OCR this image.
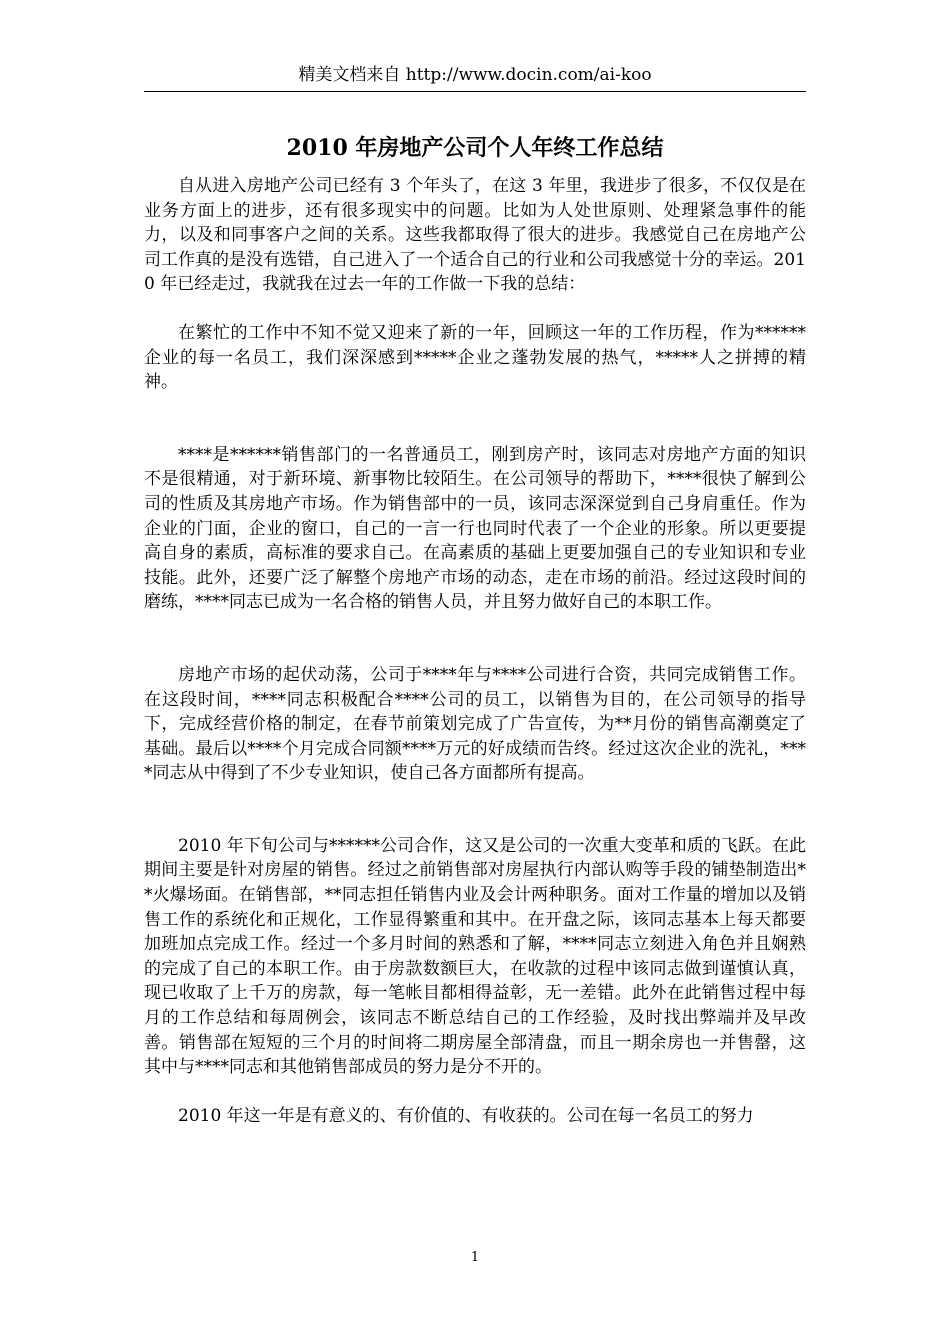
精美文档来自 http://www.docin.com/ai-koo
2010 年房地产公司个人年终工作总结

自从进入房地产公司已经有 3 个年头了，在这 3 年里，我进步了很多，不仅仅是在业务方面上的进步，还有很多现实中的问题。比如为人处世原则、处理紧急事件的能力，以及和同事客户之间的关系。这些我都取得了很大的进步。我感觉自己在房地产公司工作真的是没有选错，自己进入了一个适合自己的行业和公司我感觉十分的幸运。2010 年已经走过，我就我在过去一年的工作做一下我的总结：

在繁忙的工作中不知不觉又迎来了新的一年，回顾这一年的工作历程，作为******企业的每一名员工，我们深深感到*****企业之蓬勃发展的热气，*****人之拼搏的精神。

****是******销售部门的一名普通员工，刚到房产时，该同志对房地产方面的知识不是很精通，对于新环境、新事物比较陌生。在公司领导的帮助下，****很快了解到公司的性质及其房地产市场。作为销售部中的一员，该同志深深觉到自己身肩重任。作为企业的门面，企业的窗口，自己的一言一行也同时代表了一个企业的形象。所以更要提高自身的素质，高标准的要求自己。在高素质的基础上更要加强自己的专业知识和专业技能。此外，还要广泛了解整个房地产市场的动态，走在市场的前沿。经过这段时间的磨练，****同志已成为一名合格的销售人员，并且努力做好自己的本职工作。

房地产市场的起伏动荡，公司于****年与****公司进行合资，共同完成销售工作。在这段时间，****同志积极配合****公司的员工，以销售为目的，在公司领导的指导下，完成经营价格的制定，在春节前策划完成了广告宣传，为**月份的销售高潮奠定了基础。最后以****个月完成合同额****万元的好成绩而告终。经过这次企业的洗礼，****同志从中得到了不少专业知识，使自己各方面都所有提高。

2010 年下旬公司与******公司合作，这又是公司的一次重大变革和质的飞跃。在此期间主要是针对房屋的销售。经过之前销售部对房屋执行内部认购等手段的铺垫制造出**火爆场面。在销售部，**同志担任销售内业及会计两种职务。面对工作量的增加以及销售工作的系统化和正规化，工作显得繁重和其中。在开盘之际，该同志基本上每天都要加班加点完成工作。经过一个多月时间的熟悉和了解，****同志立刻进入角色并且娴熟的完成了自己的本职工作。由于房款数额巨大，在收款的过程中该同志做到谨慎认真，现已收取了上千万的房款，每一笔帐目都相得益彰，无一差错。此外在此销售过程中每月的工作总结和每周例会，该同志不断总结自己的工作经验，及时找出弊端并及早改善。销售部在短短的三个月的时间将二期房屋全部清盘，而且一期余房也一并售罄，这其中与****同志和其他销售部成员的努力是分不开的。

2010 年这一年是有意义的、有价值的、有收获的。公司在每一名员工的努力

1
